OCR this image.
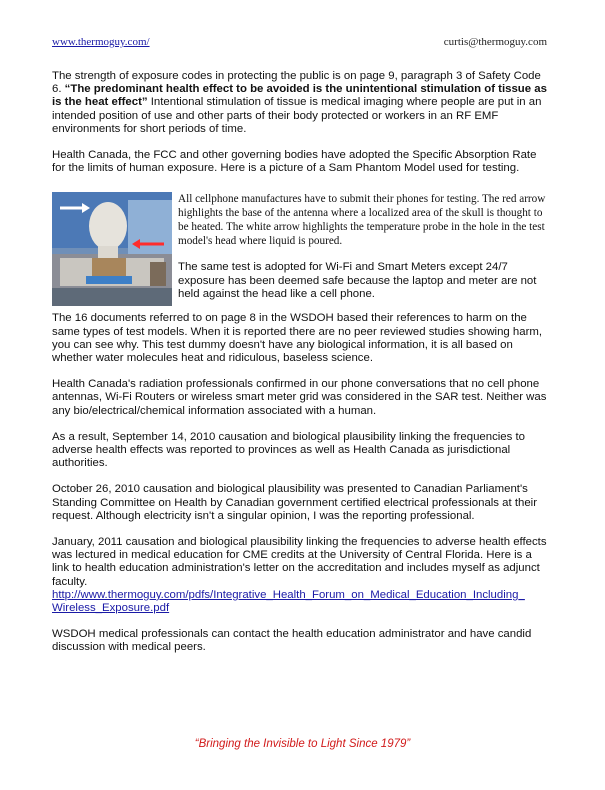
www.thermoguy.com/	curtis@thermoguy.com

The strength of exposure codes in protecting the public is on page 9, paragraph 3 of Safety Code 6. “The predominant health effect to be avoided is the unintentional stimulation of tissue as is the heat effect” Intentional stimulation of tissue is medical imaging where people are put in an intended position of use and other parts of their body protected or workers in an RF EMF environments for short periods of time.

Health Canada, the FCC and other governing bodies have adopted the Specific Absorption Rate for the limits of human exposure. Here is a picture of a Sam Phantom Model used for testing.

All cellphone manufactures have to submit their phones for testing. The red arrow highlights the base of the antenna where a localized area of the skull is thought to be heated. The white arrow highlights the temperature probe in the hole in the test model's head where liquid is poured.

The same test is adopted for Wi-Fi and Smart Meters except 24/7 exposure has been deemed safe because the laptop and meter are not held against the head like a cell phone.

The 16 documents referred to on page 8 in the WSDOH based their references to harm on the same types of test models. When it is reported there are no peer reviewed studies showing harm, you can see why. This test dummy doesn't have any biological information, it is all based on whether water molecules heat and ridiculous, baseless science.

Health Canada's radiation professionals confirmed in our phone conversations that no cell phone antennas, Wi-Fi Routers or wireless smart meter grid was considered in the SAR test. Neither was any bio/electrical/chemical information associated with a human.

As a result, September 14, 2010 causation and biological plausibility linking the frequencies to adverse health effects was reported to provinces as well as Health Canada as jurisdictional authorities.

October 26, 2010 causation and biological plausibility was presented to Canadian Parliament's Standing Committee on Health by Canadian government certified electrical professionals at their request. Although electricity isn't a singular opinion, I was the reporting professional.

January, 2011 causation and biological plausibility linking the frequencies to adverse health effects was lectured in medical education for CME credits at the University of Central Florida. Here is a link to health education administration's letter on the accreditation and includes myself as adjunct faculty.
http://www.thermoguy.com/pdfs/Integrative_Health_Forum_on_Medical_Education_Including_
Wireless_Exposure.pdf

WSDOH medical professionals can contact the health education administrator and have candid discussion with medical peers.

“Bringing the Invisible to Light Since 1979”
